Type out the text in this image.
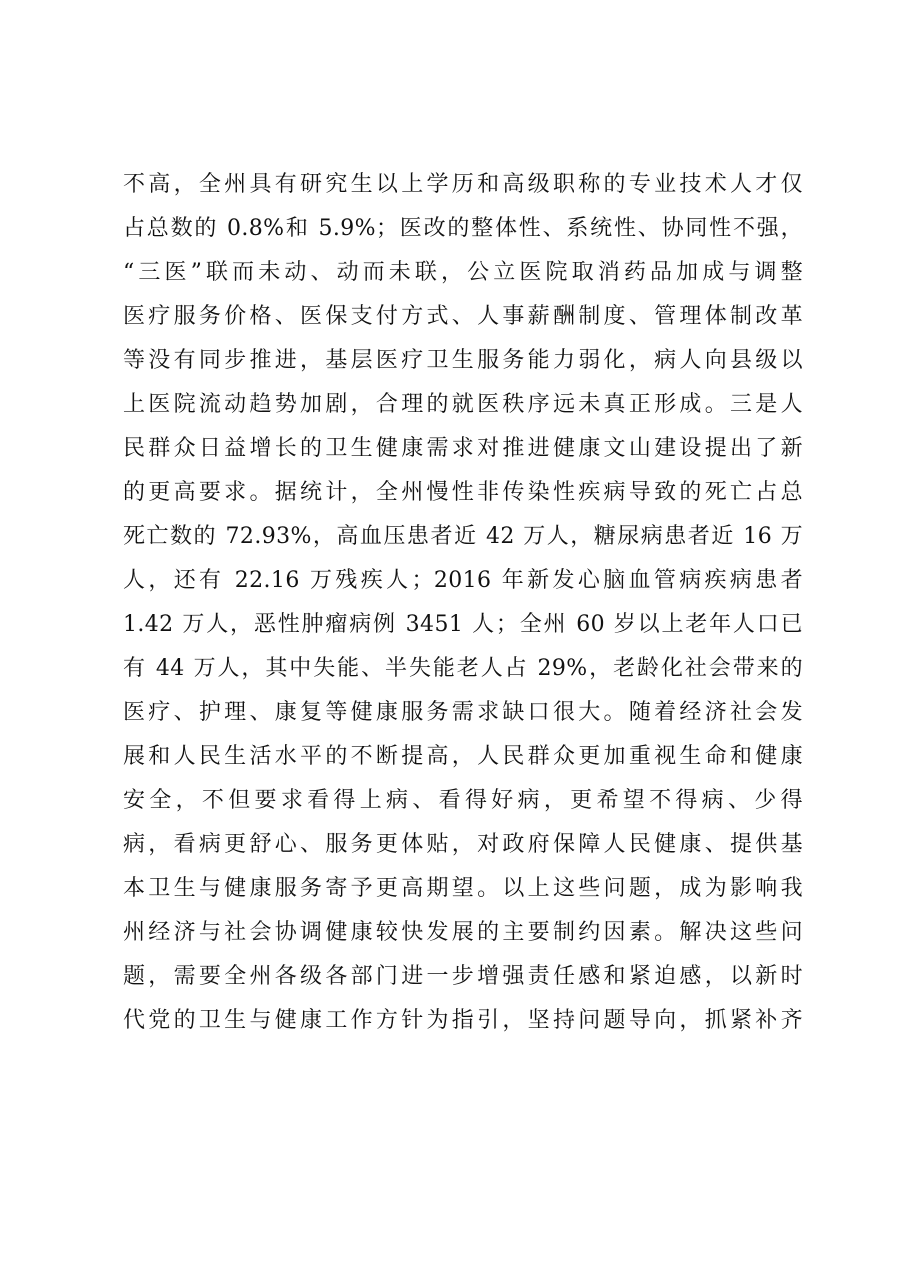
不高，全州具有研究生以上学历和高级职称的专业技术人才仅
占总数的 0.8%和 5.9%；医改的整体性、系统性、协同性不强，
“三医”联而未动、动而未联，公立医院取消药品加成与调整
医疗服务价格、医保支付方式、人事薪酬制度、管理体制改革
等没有同步推进，基层医疗卫生服务能力弱化，病人向县级以
上医院流动趋势加剧，合理的就医秩序远未真正形成。三是人
民群众日益增长的卫生健康需求对推进健康文山建设提出了新
的更高要求。据统计，全州慢性非传染性疾病导致的死亡占总
死亡数的 72.93%，高血压患者近 42 万人，糖尿病患者近 16 万
人，还有 22.16 万残疾人；2016 年新发心脑血管病疾病患者
1.42 万人，恶性肿瘤病例 3451 人；全州 60 岁以上老年人口已
有 44 万人，其中失能、半失能老人占 29%，老龄化社会带来的
医疗、护理、康复等健康服务需求缺口很大。随着经济社会发
展和人民生活水平的不断提高，人民群众更加重视生命和健康
安全，不但要求看得上病、看得好病，更希望不得病、少得
病，看病更舒心、服务更体贴，对政府保障人民健康、提供基
本卫生与健康服务寄予更高期望。以上这些问题，成为影响我
州经济与社会协调健康较快发展的主要制约因素。解决这些问
题，需要全州各级各部门进一步增强责任感和紧迫感，以新时
代党的卫生与健康工作方针为指引，坚持问题导向，抓紧补齐
